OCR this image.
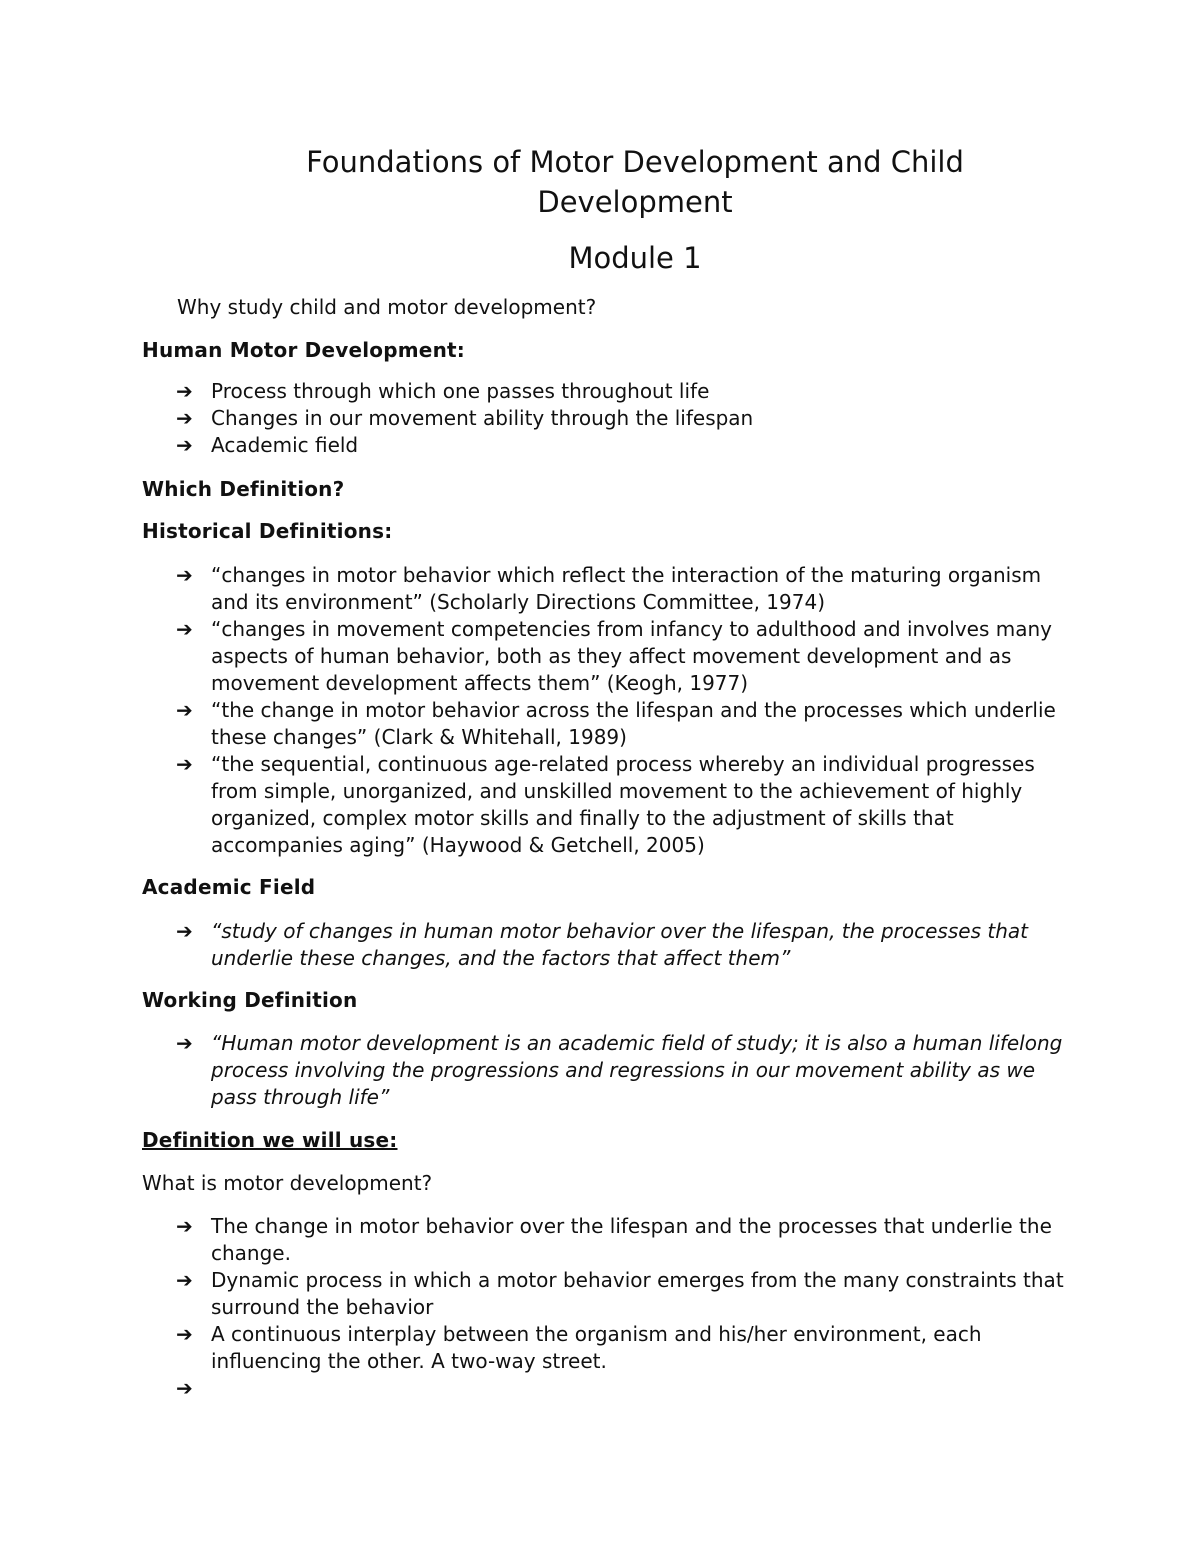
Foundations of Motor Development and Child
Development
Module 1

Why study child and motor development?

Human Motor Development:

➔ Process through which one passes throughout life
➔ Changes in our movement ability through the lifespan
➔ Academic field

Which Definition?

Historical Definitions:

➔ “changes in motor behavior which reflect the interaction of the maturing organism and its environment” (Scholarly Directions Committee, 1974)
➔ “changes in movement competencies from infancy to adulthood and involves many aspects of human behavior, both as they affect movement development and as movement development affects them” (Keogh, 1977)
➔ “the change in motor behavior across the lifespan and the processes which underlie these changes” (Clark & Whitehall, 1989)
➔ “the sequential, continuous age-related process whereby an individual progresses from simple, unorganized, and unskilled movement to the achievement of highly organized, complex motor skills and finally to the adjustment of skills that accompanies aging” (Haywood & Getchell, 2005)

Academic Field

➔ “study of changes in human motor behavior over the lifespan, the processes that underlie these changes, and the factors that affect them”

Working Definition

➔ “Human motor development is an academic field of study; it is also a human lifelong process involving the progressions and regressions in our movement ability as we pass through life”

Definition we will use:

What is motor development?

➔ The change in motor behavior over the lifespan and the processes that underlie the change.
➔ Dynamic process in which a motor behavior emerges from the many constraints that surround the behavior
➔ A continuous interplay between the organism and his/her environment, each influencing the other. A two-way street.
➔
